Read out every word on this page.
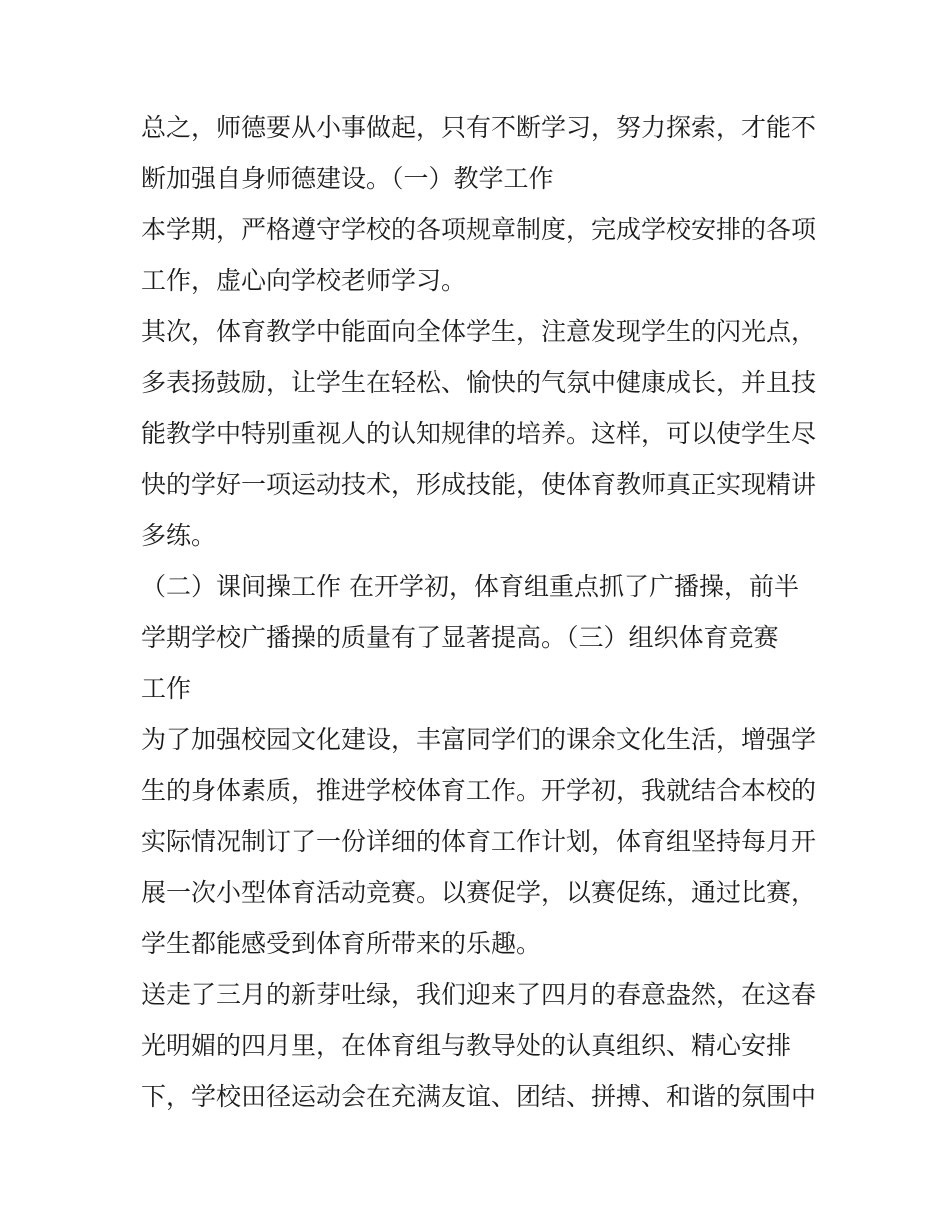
总之，师德要从小事做起，只有不断学习，努力探索，才能不
断加强自身师德建设。（一）教学工作
本学期，严格遵守学校的各项规章制度，完成学校安排的各项
工作，虚心向学校老师学习。
其次，体育教学中能面向全体学生，注意发现学生的闪光点，
多表扬鼓励，让学生在轻松、愉快的气氛中健康成长，并且技
能教学中特别重视人的认知规律的培养。这样，可以使学生尽
快的学好一项运动技术，形成技能，使体育教师真正实现精讲
多练。
（二）课间操工作 在开学初，体育组重点抓了广播操，前半
学期学校广播操的质量有了显著提高。（三）组织体育竞赛
工作
为了加强校园文化建设，丰富同学们的课余文化生活，增强学
生的身体素质，推进学校体育工作。开学初，我就结合本校的
实际情况制订了一份详细的体育工作计划，体育组坚持每月开
展一次小型体育活动竞赛。以赛促学，以赛促练，通过比赛，
学生都能感受到体育所带来的乐趣。
送走了三月的新芽吐绿，我们迎来了四月的春意盎然，在这春
光明媚的四月里，在体育组与教导处的认真组织、精心安排
下，学校田径运动会在充满友谊、团结、拼搏、和谐的氛围中
